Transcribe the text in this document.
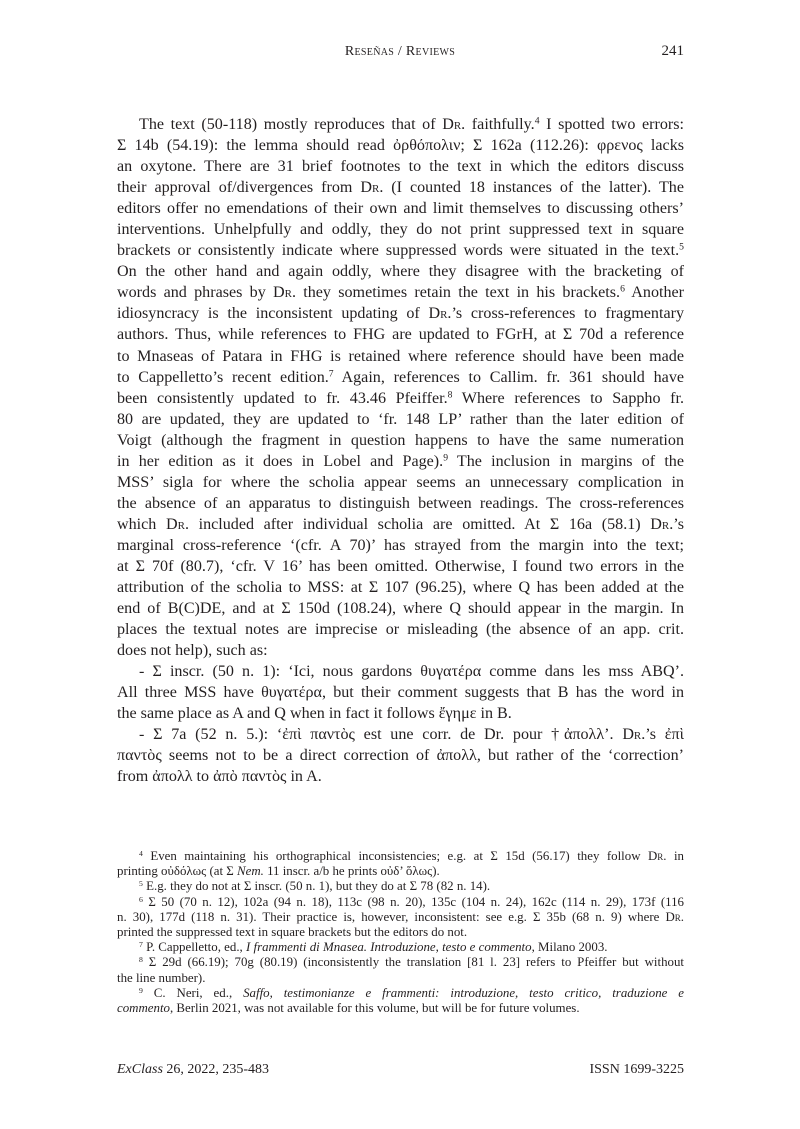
Reseñas / Reviews	241
The text (50-118) mostly reproduces that of Dr. faithfully.$^4$ I spotted two errors:
Σ 14b (54.19): the lemma should read ὀρθόπολιν; Σ 162a (112.26): φρενος lacks
an oxytone. There are 31 brief footnotes to the text in which the editors discuss
their approval of/divergences from Dr. (I counted 18 instances of the latter). The
editors offer no emendations of their own and limit themselves to discussing others’
interventions. Unhelpfully and oddly, they do not print suppressed text in square
brackets or consistently indicate where suppressed words were situated in the text.$^5$
On the other hand and again oddly, where they disagree with the bracketing of
words and phrases by Dr. they sometimes retain the text in his brackets.$^6$ Another
idiosyncracy is the inconsistent updating of Dr.’s cross-references to fragmentary
authors. Thus, while references to FHG are updated to FGrH, at Σ 70d a reference
to Mnaseas of Patara in FHG is retained where reference should have been made
to Cappelletto’s recent edition.$^7$ Again, references to Callim. fr. 361 should have
been consistently updated to fr. 43.46 Pfeiffer.$^8$ Where references to Sappho fr.
80 are updated, they are updated to ‘fr. 148 LP’ rather than the later edition of
Voigt (although the fragment in question happens to have the same numeration
in her edition as it does in Lobel and Page).$^9$ The inclusion in margins of the
MSS’ sigla for where the scholia appear seems an unnecessary complication in
the absence of an apparatus to distinguish between readings. The cross-references
which Dr. included after individual scholia are omitted. At Σ 16a (58.1) Dr.’s
marginal cross-reference ‘(cfr. A 70)’ has strayed from the margin into the text;
at Σ 70f (80.7), ‘cfr. V 16’ has been omitted. Otherwise, I found two errors in the
attribution of the scholia to MSS: at Σ 107 (96.25), where Q has been added at the
end of B(C)DE, and at Σ 150d (108.24), where Q should appear in the margin. In
places the textual notes are imprecise or misleading (the absence of an app. crit.
does not help), such as:
- Σ inscr. (50 n. 1): ‘Ici, nous gardons θυγατέρα comme dans les mss ABQ’.
All three MSS have θυγατέρα, but their comment suggests that B has the word in
the same place as A and Q when in fact it follows ἔγημε in B.
- Σ 7a (52 n. 5.): ‘ἐπὶ παντὸς est une corr. de Dr. pour †ἀπολλ’. Dr.’s ἐπὶ
παντὸς seems not to be a direct correction of ἀπολλ, but rather of the ‘correction’
from ἀπολλ to ἀπὸ παντὸς in A.
$^4$ Even maintaining his orthographical inconsistencies; e.g. at Σ 15d (56.17) they follow Dr. in
printing οὐδόλως (at Σ Nem. 11 inscr. a/b he prints οὐδ’ ὅλως).
$^5$ E.g. they do not at Σ inscr. (50 n. 1), but they do at Σ 78 (82 n. 14).
$^6$ Σ 50 (70 n. 12), 102a (94 n. 18), 113c (98 n. 20), 135c (104 n. 24), 162c (114 n. 29), 173f (116
n. 30), 177d (118 n. 31). Their practice is, however, inconsistent: see e.g. Σ 35b (68 n. 9) where Dr.
printed the suppressed text in square brackets but the editors do not.
$^7$ P. Cappelletto, ed., I frammenti di Mnasea. Introduzione, testo e commento, Milano 2003.
$^8$ Σ 29d (66.19); 70g (80.19) (inconsistently the translation [81 l. 23] refers to Pfeiffer but without
the line number).
$^9$ C. Neri, ed., Saffo, testimonianze e frammenti: introduzione, testo critico, traduzione e
commento, Berlin 2021, was not available for this volume, but will be for future volumes.
ExClass 26, 2022, 235-483	ISSN 1699-3225
